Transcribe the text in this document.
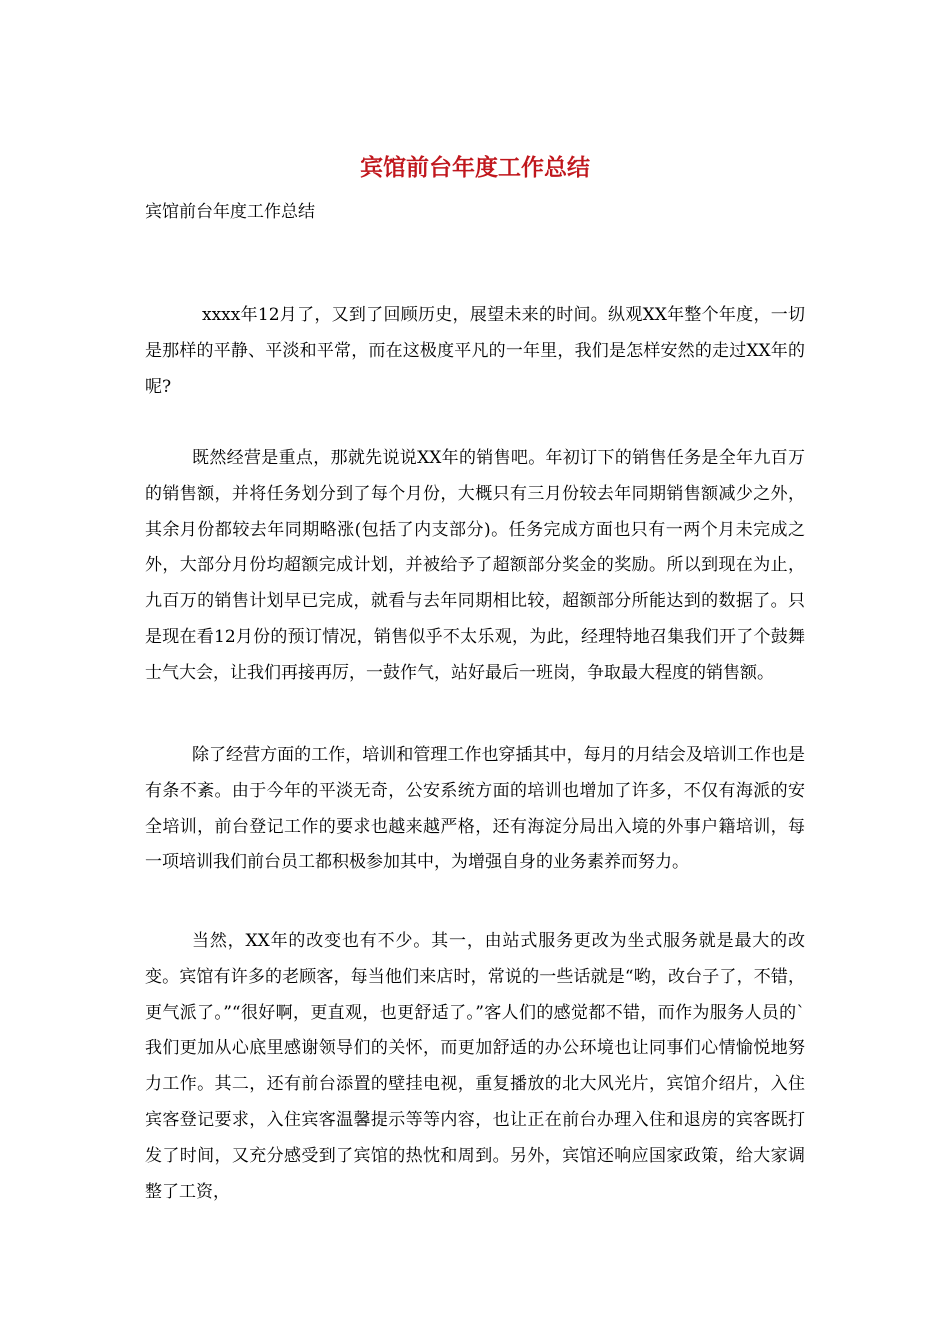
宾馆前台年度工作总结

宾馆前台年度工作总结

xxxx年12月了，又到了回顾历史，展望未来的时间。纵观XX年整个年度，一切是那样的平静、平淡和平常，而在这极度平凡的一年里，我们是怎样安然的走过XX年的呢?

既然经营是重点，那就先说说XX年的销售吧。年初订下的销售任务是全年九百万的销售额，并将任务划分到了每个月份，大概只有三月份较去年同期销售额减少之外，其余月份都较去年同期略涨(包括了内支部分)。任务完成方面也只有一两个月未完成之外，大部分月份均超额完成计划，并被给予了超额部分奖金的奖励。所以到现在为止，九百万的销售计划早已完成，就看与去年同期相比较，超额部分所能达到的数据了。只是现在看12月份的预订情况，销售似乎不太乐观，为此，经理特地召集我们开了个鼓舞士气大会，让我们再接再厉，一鼓作气，站好最后一班岗，争取最大程度的销售额。

除了经营方面的工作，培训和管理工作也穿插其中，每月的月结会及培训工作也是有条不紊。由于今年的平淡无奇，公安系统方面的培训也增加了许多，不仅有海派的安全培训，前台登记工作的要求也越来越严格，还有海淀分局出入境的外事户籍培训，每一项培训我们前台员工都积极参加其中，为增强自身的业务素养而努力。

当然，XX年的改变也有不少。其一，由站式服务更改为坐式服务就是最大的改变。宾馆有许多的老顾客，每当他们来店时，常说的一些话就是“哟，改台子了，不错，更气派了。”“很好啊，更直观，也更舒适了。”客人们的感觉都不错，而作为服务人员的`我们更加从心底里感谢领导们的关怀，而更加舒适的办公环境也让同事们心情愉悦地努力工作。其二，还有前台添置的壁挂电视，重复播放的北大风光片，宾馆介绍片，入住宾客登记要求，入住宾客温馨提示等等内容，也让正在前台办理入住和退房的宾客既打发了时间，又充分感受到了宾馆的热忱和周到。另外，宾馆还响应国家政策，给大家调整了工资，
